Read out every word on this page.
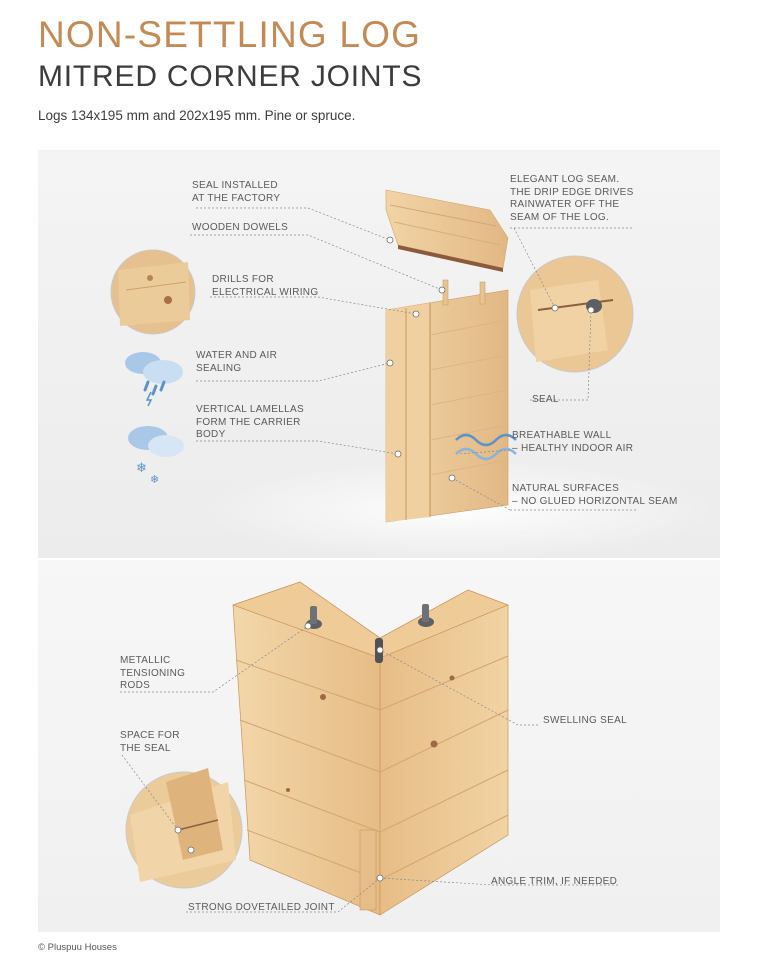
NON-SETTLING LOG
MITRED CORNER JOINTS
Logs 134x195 mm and 202x195 mm. Pine or spruce.
❄
❄
SEAL INSTALLED
AT THE FACTORY
WOODEN DOWELS
DRILLS FOR
ELECTRICAL WIRING
WATER AND AIR
SEALING
VERTICAL LAMELLAS
FORM THE CARRIER
BODY
ELEGANT LOG SEAM.
THE DRIP EDGE DRIVES
RAINWATER OFF THE
SEAM OF THE LOG.
SEAL
BREATHABLE WALL
– HEALTHY INDOOR AIR
NATURAL SURFACES
– NO GLUED HORIZONTAL SEAM
METALLIC
TENSIONING
RODS
SPACE FOR
THE SEAL
STRONG DOVETAILED JOINT
SWELLING SEAL
ANGLE TRIM, IF NEEDED
© Pluspuu Houses
